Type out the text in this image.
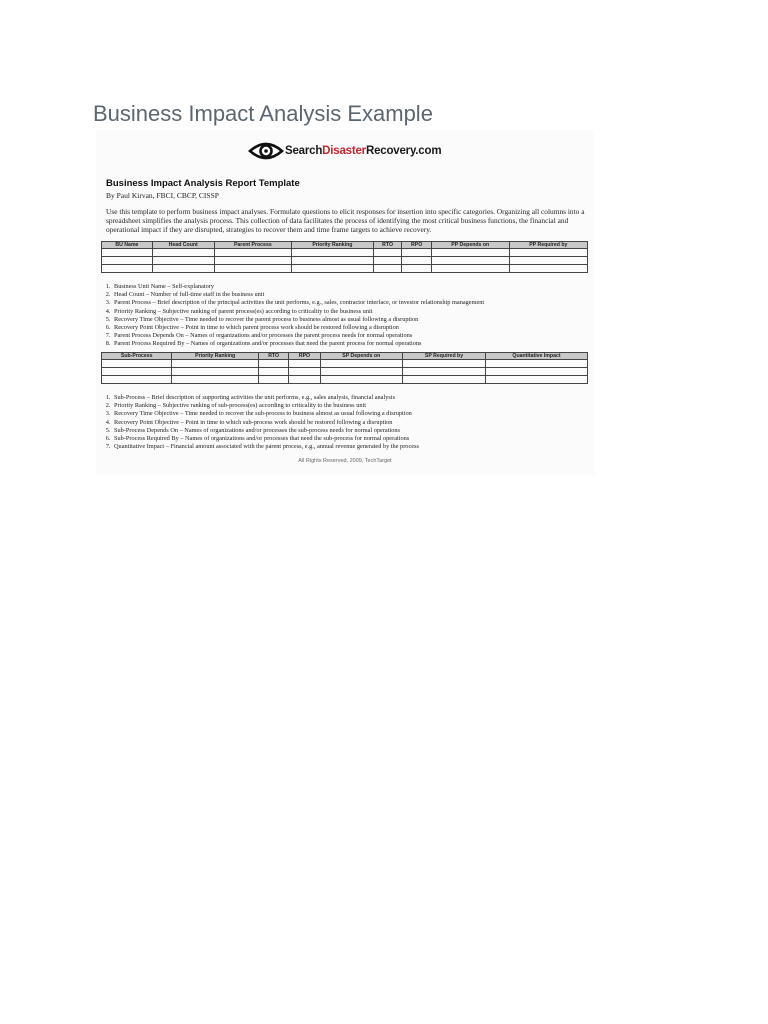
Business Impact Analysis Example
SearchDisasterRecovery.com
Business Impact Analysis Report Template
By Paul Kirvan, FBCI, CBCP, CISSP
Use this template to perform business impact analyses. Formulate questions to elicit responses for insertion into specific categories. Organizing all columns into a spreadsheet simplifies the analysis process. This collection of data facilitates the process of identifying the most critical business functions, the financial and operational impact if they are disrupted, strategies to recover them and time frame targets to achieve recovery.
BU Name	Head Count	Parent Process	Priority Ranking	RTO	RPO	PP Depends on	PP Required by

1. Business Unit Name – Self-explanatory
2. Head Count – Number of full-time staff in the business unit
3. Parent Process – Brief description of the principal activities the unit performs, e.g., sales, contractor interface, or investor relationship management
4. Priority Ranking – Subjective ranking of parent process(es) according to criticality to the business unit
5. Recovery Time Objective – Time needed to recover the parent process to business almost as usual following a disruption
6. Recovery Point Objective – Point in time to which parent process work should be restored following a disruption
7. Parent Process Depends On – Names of organizations and/or processes the parent process needs for normal operations
8. Parent Process Required By – Names of organizations and/or processes that need the parent process for normal operations
Sub-Process	Priority Ranking	RTO	RPO	SP Depends on	SP Required by	Quantitative Impact

1. Sub-Process – Brief description of supporting activities the unit performs, e.g., sales analysis, financial analysis
2. Priority Ranking – Subjective ranking of sub-process(es) according to criticality to the business unit
3. Recovery Time Objective – Time needed to recover the sub-process to business almost as usual following a disruption
4. Recovery Point Objective – Point in time to which sub-process work should be restored following a disruption
5. Sub-Process Depends On – Names of organizations and/or processes the sub-process needs for normal operations
6. Sub-Process Required By – Names of organizations and/or processes that need the sub-process for normal operations
7. Quantitative Impact – Financial amount associated with the parent process, e.g., annual revenue generated by the process
All Rights Reserved, 2009, TechTarget
